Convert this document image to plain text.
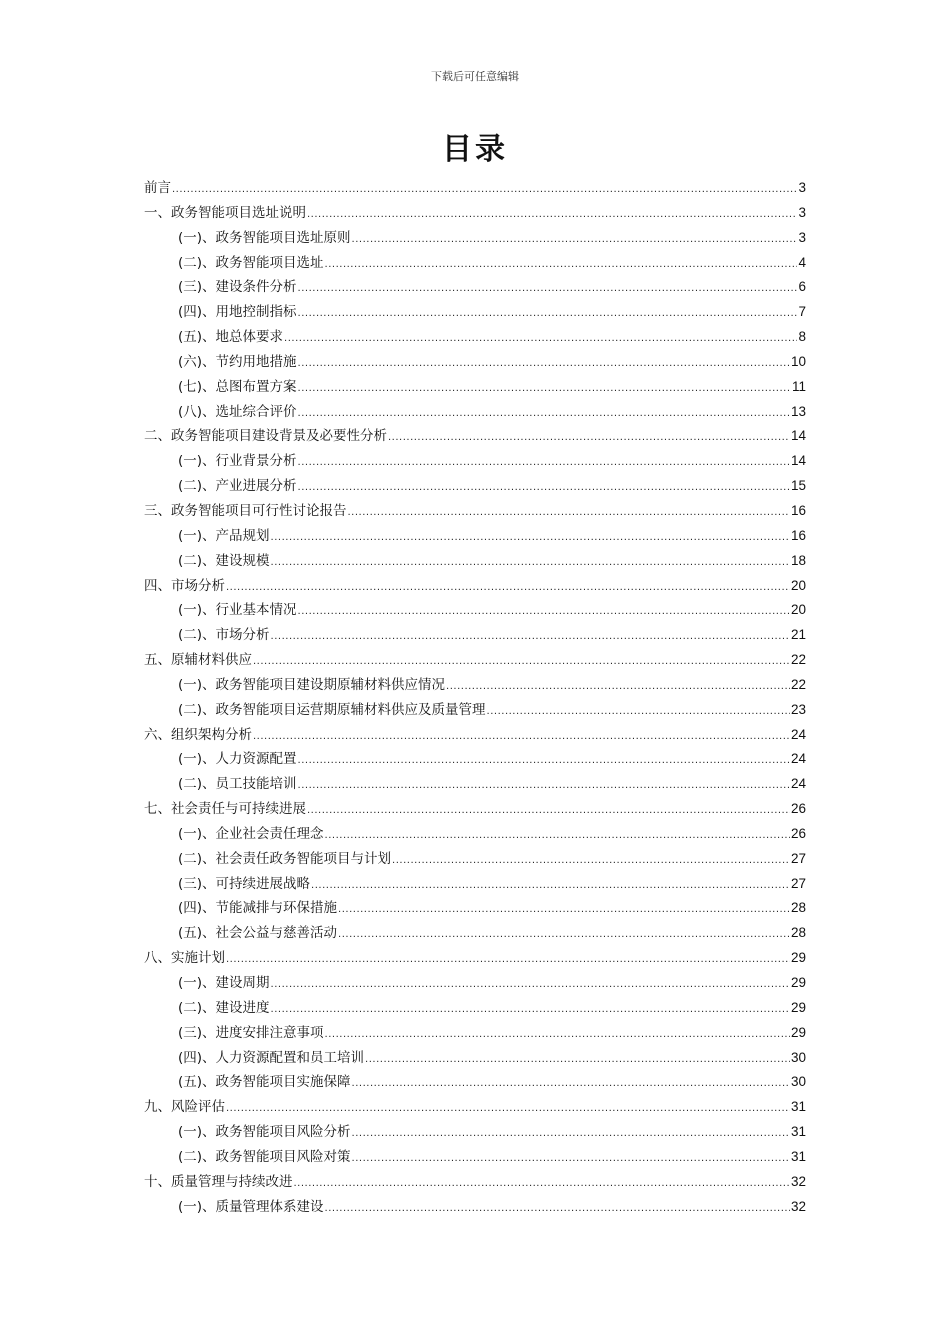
下载后可任意编辑
目录
前言 .....	3
一、政务智能项目选址说明 .....	3
(一)、政务智能项目选址原则 .....	3
(二)、政务智能项目选址 .....	4
(三)、建设条件分析 .....	6
(四)、用地控制指标 .....	7
(五)、地总体要求 .....	8
(六)、节约用地措施 .....	10
(七)、总图布置方案 .....	11
(八)、选址综合评价 .....	13
二、政务智能项目建设背景及必要性分析 .....	14
(一)、行业背景分析 .....	14
(二)、产业进展分析 .....	15
三、政务智能项目可行性讨论报告 .....	16
(一)、产品规划 .....	16
(二)、建设规模 .....	18
四、市场分析 .....	20
(一)、行业基本情况 .....	20
(二)、市场分析 .....	21
五、原辅材料供应 .....	22
(一)、政务智能项目建设期原辅材料供应情况 .....	22
(二)、政务智能项目运营期原辅材料供应及质量管理 .....	23
六、组织架构分析 .....	24
(一)、人力资源配置 .....	24
(二)、员工技能培训 .....	24
七、社会责任与可持续进展 .....	26
(一)、企业社会责任理念 .....	26
(二)、社会责任政务智能项目与计划 .....	27
(三)、可持续进展战略 .....	27
(四)、节能减排与环保措施 .....	28
(五)、社会公益与慈善活动 .....	28
八、实施计划 .....	29
(一)、建设周期 .....	29
(二)、建设进度 .....	29
(三)、进度安排注意事项 .....	29
(四)、人力资源配置和员工培训 .....	30
(五)、政务智能项目实施保障 .....	30
九、风险评估 .....	31
(一)、政务智能项目风险分析 .....	31
(二)、政务智能项目风险对策 .....	31
十、质量管理与持续改进 .....	32
(一)、质量管理体系建设 .....	32
